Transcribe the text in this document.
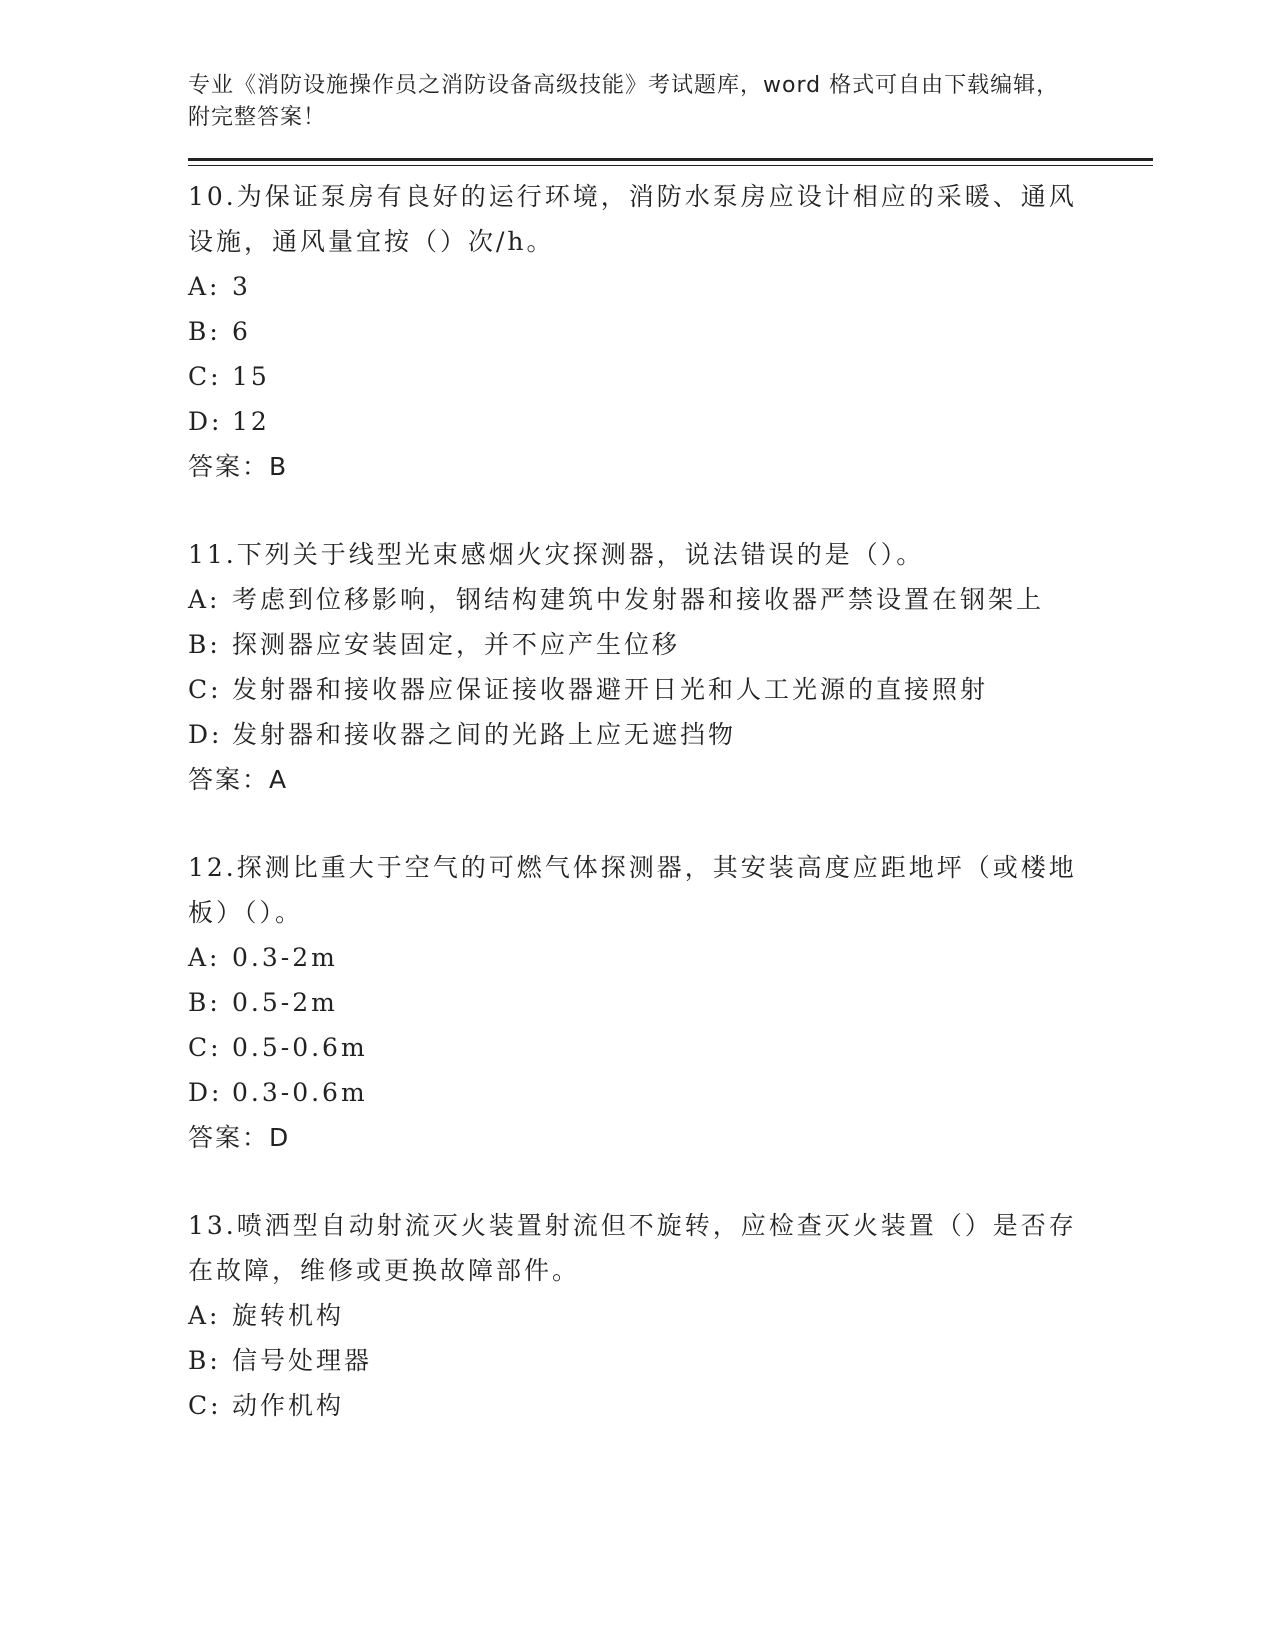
专业《消防设施操作员之消防设备高级技能》考试题库，word 格式可自由下载编辑，附完整答案！
10.为保证泵房有良好的运行环境，消防水泵房应设计相应的采暖、通风设施，通风量宜按（）次/h。
A: 3
B: 6
C: 15
D: 12
答案：B
11.下列关于线型光束感烟火灾探测器，说法错误的是（）。
A: 考虑到位移影响，钢结构建筑中发射器和接收器严禁设置在钢架上
B: 探测器应安装固定，并不应产生位移
C: 发射器和接收器应保证接收器避开日光和人工光源的直接照射
D: 发射器和接收器之间的光路上应无遮挡物
答案：A
12.探测比重大于空气的可燃气体探测器，其安装高度应距地坪（或楼地板）（）。
A: 0.3-2m
B: 0.5-2m
C: 0.5-0.6m
D: 0.3-0.6m
答案：D
13.喷洒型自动射流灭火装置射流但不旋转，应检查灭火装置（）是否存在故障，维修或更换故障部件。
A: 旋转机构
B: 信号处理器
C: 动作机构
